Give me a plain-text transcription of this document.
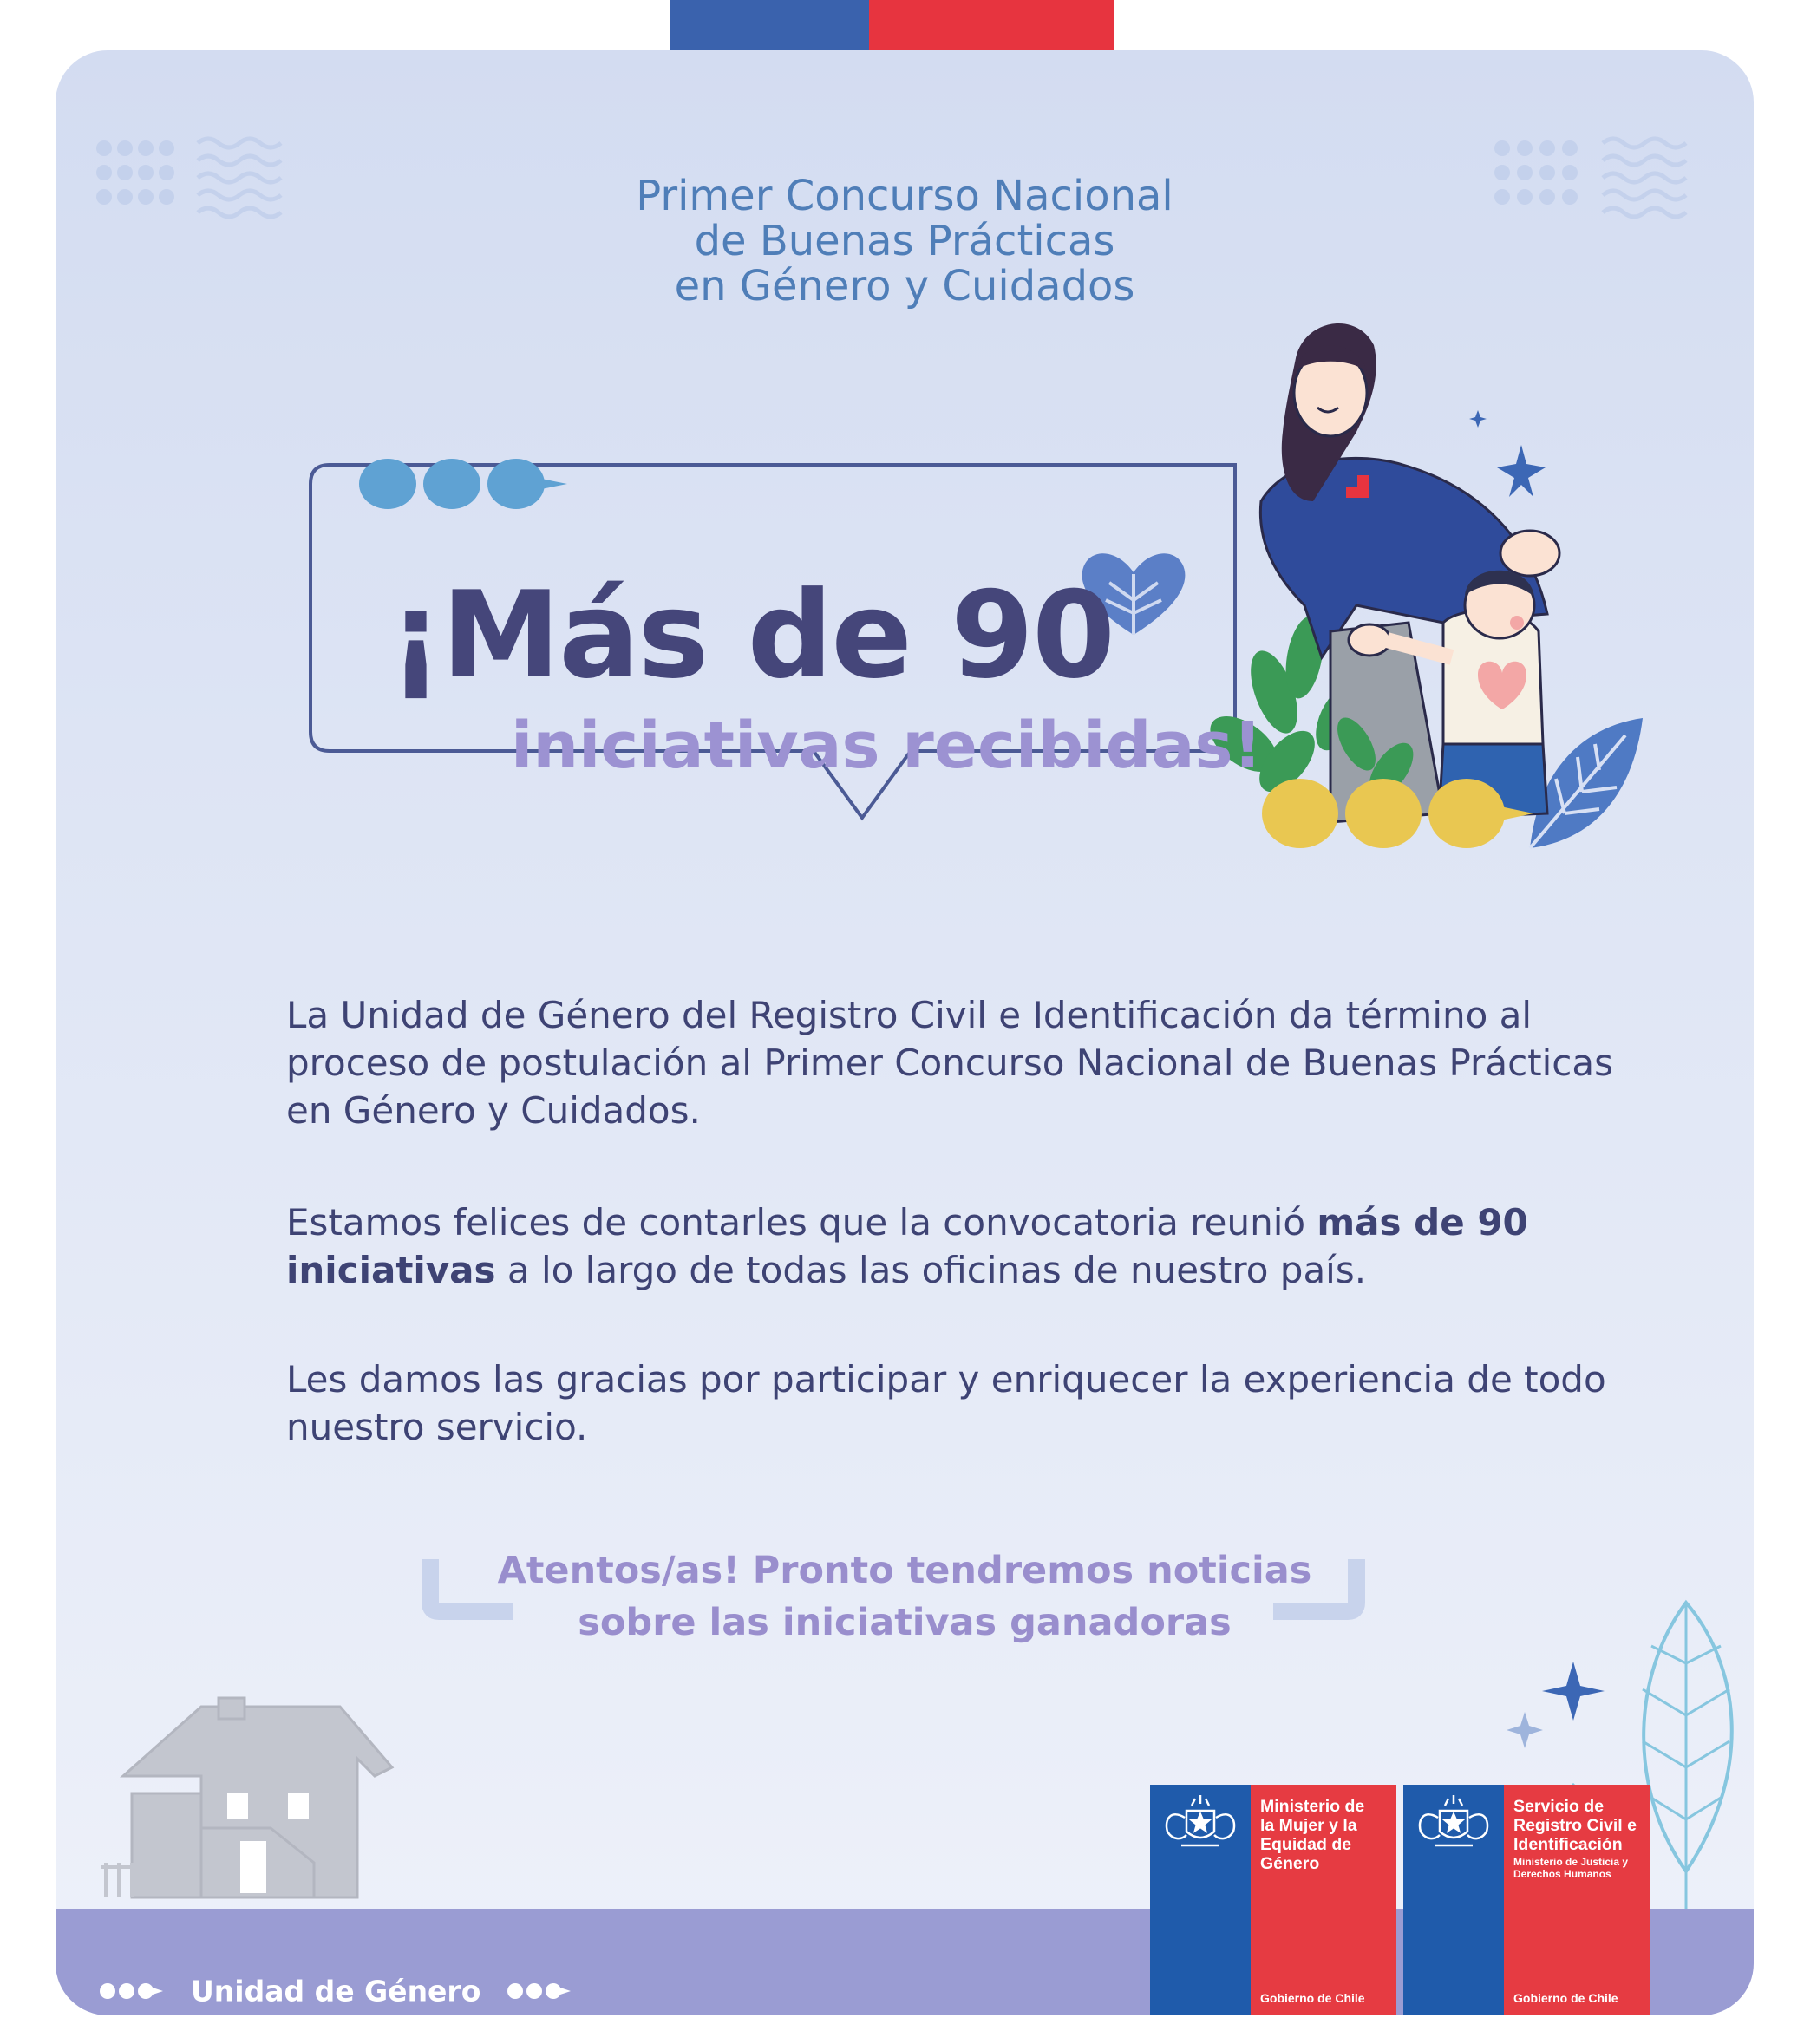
Primer Concurso Nacional
de Buenas Prácticas
en Género y Cuidados
¡Más de 90
iniciativas recibidas!
La Unidad de Género del Registro Civil e Identificación da término al proceso de postulación al Primer Concurso Nacional de Buenas Prácticas en Género y Cuidados.
Estamos felices de contarles que la convocatoria reunió más de 90 iniciativas a lo largo de todas las oficinas de nuestro país.
Les damos las gracias por participar y enriquecer la experiencia de todo nuestro servicio.
Atentos/as! Pronto tendremos noticias
sobre las iniciativas ganadoras
Unidad de Género
Ministerio de
la Mujer y la
Equidad de
Género
Gobierno de Chile
Servicio de
Registro Civil e
Identificación
Ministerio de Justicia y Derechos Humanos
Gobierno de Chile
